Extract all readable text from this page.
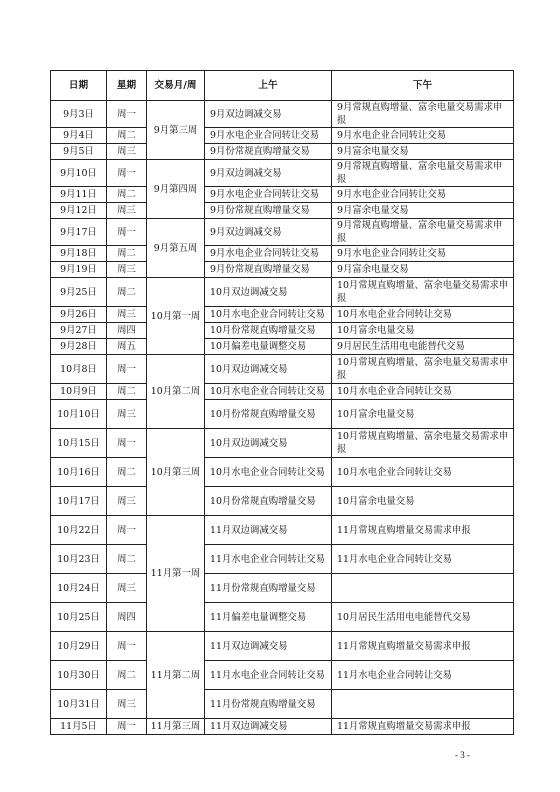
日期	星期	交易月/周	上午	下午
9月3日	周一	9月第三周	9月双边调减交易	9月常规直购增量、富余电量交易需求申报
9月4日	周二		9月水电企业合同转让交易	9月水电企业合同转让交易
9月5日	周三		9月份常规直购增量交易	9月富余电量交易
9月10日	周一	9月第四周	9月双边调减交易	9月常规直购增量、富余电量交易需求申报
9月11日	周二		9月水电企业合同转让交易	9月水电企业合同转让交易
9月12日	周三		9月份常规直购增量交易	9月富余电量交易
9月17日	周一	9月第五周	9月双边调减交易	9月常规直购增量、富余电量交易需求申报
9月18日	周二		9月水电企业合同转让交易	9月水电企业合同转让交易
9月19日	周三		9月份常规直购增量交易	9月富余电量交易
9月25日	周二	10月第一周	10月双边调减交易	10月常规直购增量、富余电量交易需求申报
9月26日	周三		10月水电企业合同转让交易	10月水电企业合同转让交易
9月27日	周四		10月份常规直购增量交易	10月富余电量交易
9月28日	周五		10月偏差电量调整交易	9月居民生活用电电能替代交易
10月8日	周一	10月第二周	10月双边调减交易	10月常规直购增量、富余电量交易需求申报
10月9日	周二		10月水电企业合同转让交易	10月水电企业合同转让交易
10月10日	周三		10月份常规直购增量交易	10月富余电量交易
10月15日	周一	10月第三周	10月双边调减交易	10月常规直购增量、富余电量交易需求申报
10月16日	周二		10月水电企业合同转让交易	10月水电企业合同转让交易
10月17日	周三		10月份常规直购增量交易	10月富余电量交易
10月22日	周一	11月第一周	11月双边调减交易	11月常规直购增量交易需求申报
10月23日	周二		11月水电企业合同转让交易	11月水电企业合同转让交易
10月24日	周三		11月份常规直购增量交易	
10月25日	周四		11月偏差电量调整交易	10月居民生活用电电能替代交易
10月29日	周一	11月第二周	11月双边调减交易	11月常规直购增量交易需求申报
10月30日	周二		11月水电企业合同转让交易	11月水电企业合同转让交易
10月31日	周三		11月份常规直购增量交易	
11月5日	周一	11月第三周	11月双边调减交易	11月常规直购增量交易需求申报
- 3 -
